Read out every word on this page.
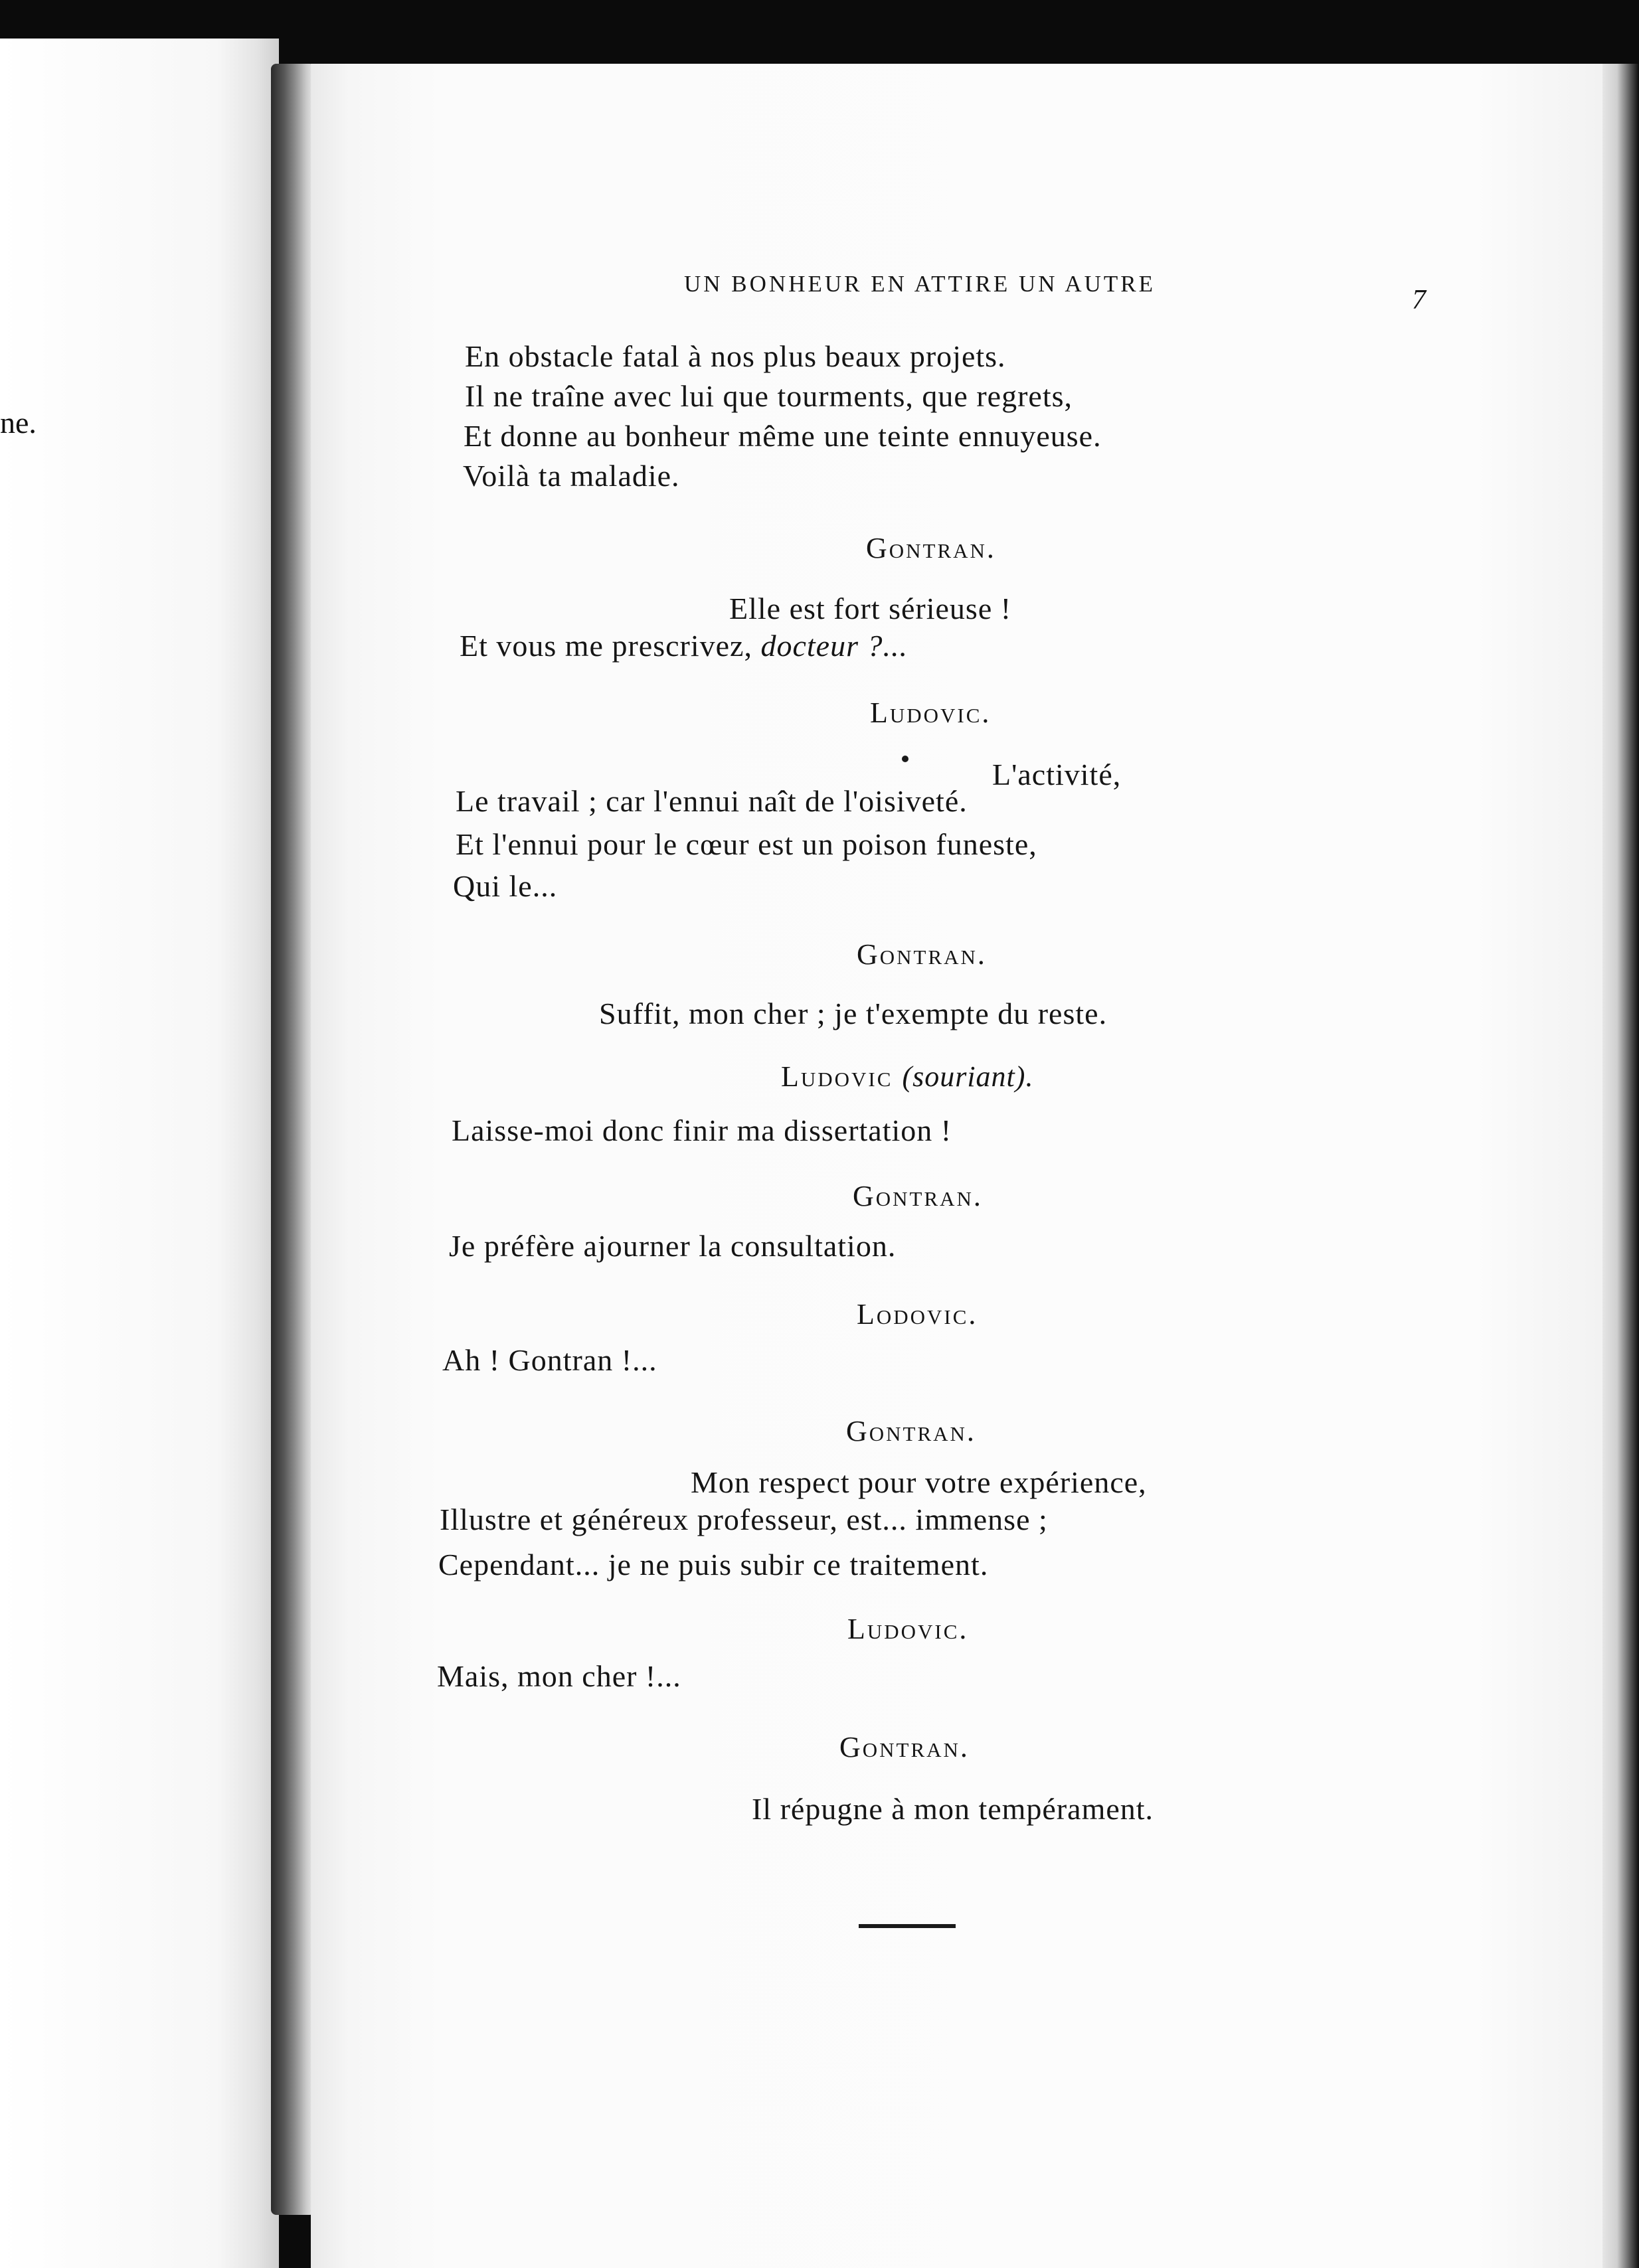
ne.
UN BONHEUR EN ATTIRE UN AUTRE
7
En obstacle fatal à nos plus beaux projets.
Il ne traîne avec lui que tourments, que regrets,
Et donne au bonheur même une teinte ennuyeuse.
Voilà ta maladie.
Gontran.
Elle est fort sérieuse !
Et vous me prescrivez, docteur ?...
Ludovic.
L'activité,
Le travail ; car l'ennui naît de l'oisiveté.
Et l'ennui pour le cœur est un poison funeste,
Qui le...
Gontran.
Suffit, mon cher ; je t'exempte du reste.
Ludovic (souriant).
Laisse-moi donc finir ma dissertation !
Gontran.
Je préfère ajourner la consultation.
Lodovic.
Ah ! Gontran !...
Gontran.
Mon respect pour votre expérience,
Illustre et généreux professeur, est... immense ;
Cependant... je ne puis subir ce traitement.
Ludovic.
Mais, mon cher !...
Gontran.
Il répugne à mon tempérament.
